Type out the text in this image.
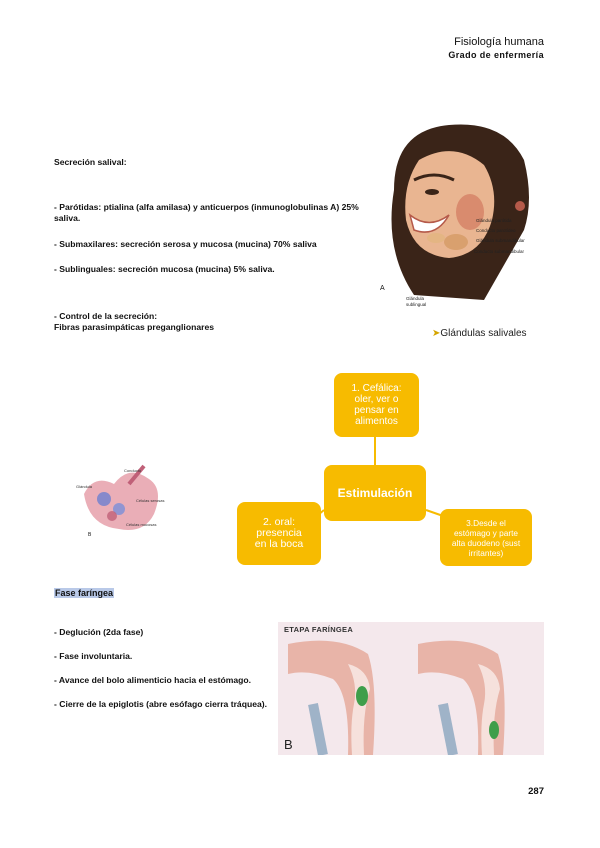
Fisiología humana
Grado de enfermería
Secreción salival:
- Parótidas: ptialina (alfa amilasa) y anticuerpos (inmunoglobulinas A) 25%
saliva.
- Submaxilares: secreción serosa y mucosa (mucina) 70% saliva
- Sublinguales: secreción mucosa (mucina) 5% saliva.
- Control de la secreción:
Fibras parasimpáticas preganglionares
A
Glándula parótida
Conducto parotídeo
Glándula submandibular
Conducto submandibular
Glándula
sublingual
➤Glándulas salivales
1. Cefálica:
oler, ver o
pensar en
alimentos
Estimulación
2. oral:
presencia
en la boca
3.Desde el
estómago y parte
alta duodeno (sust
irritantes)
Conducto
Glándula
Células serosas
Células mucosas
B
Fase faríngea
- Deglución (2da fase)
- Fase involuntaria.
- Avance del bolo alimenticio hacia el estómago.
- Cierre de la epiglotis (abre esófago cierra tráquea).
ETAPA FARÍNGEA
B
287
